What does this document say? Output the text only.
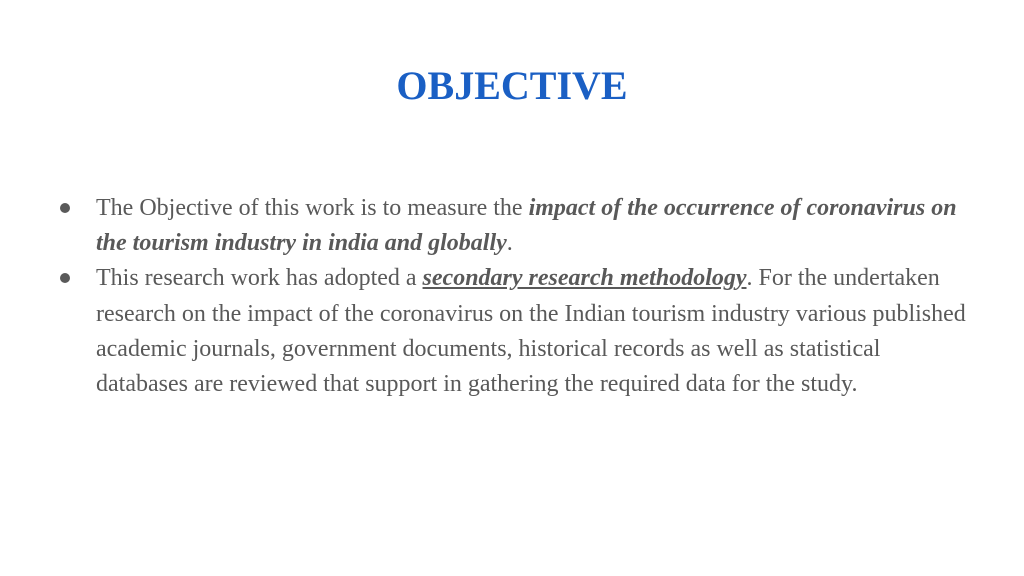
OBJECTIVE
The Objective of this work is to measure the impact of the occurrence of coronavirus on the tourism industry in india and globally.
This research work has adopted a secondary research methodology. For the undertaken research on the impact of the coronavirus on the Indian tourism industry various published academic journals, government documents, historical records as well as statistical databases are reviewed that support in gathering the required data for the study.
